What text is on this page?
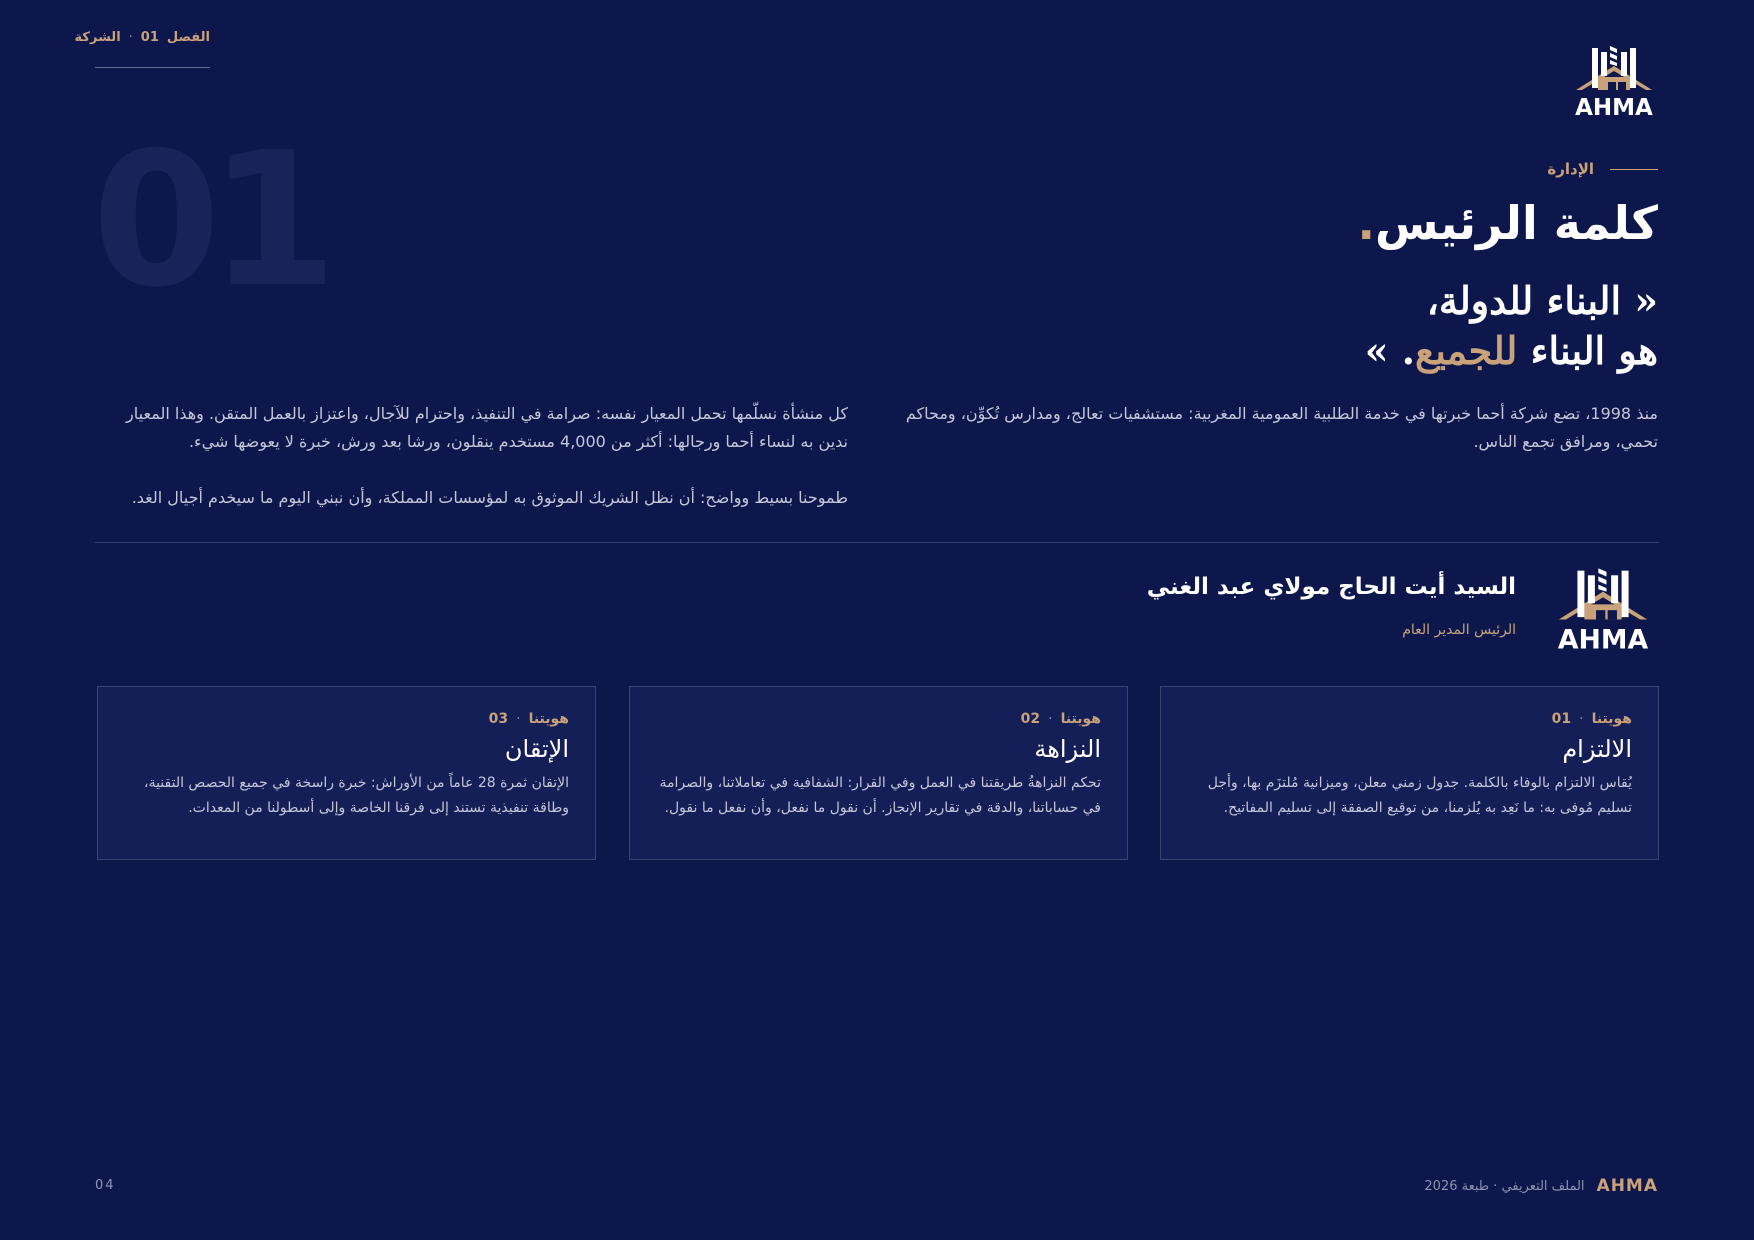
الفصل
01
·
الشركة
01
AHMA
الإدارة
كلمة الرئيس.
« البناء للدولة،
هو البناء للجميع. »

منذ 1998، تضع شركة أحما خبرتها في خدمة الطلبية العمومية المغربية: مستشفيات تعالج، ومدارس تُكوِّن، ومحاكم تحمي، ومرافق تجمع الناس.

كل منشأة نسلّمها تحمل المعيار نفسه: صرامة في التنفيذ، واحترام للآجال، واعتزاز بالعمل المتقن. وهذا المعيار ندين به لنساء أحما ورجالها: أكثر من 4,000 مستخدم ينقلون، ورشا بعد ورش، خبرة لا يعوضها شيء.

طموحنا بسيط وواضح: أن نظل الشريك الموثوق به لمؤسسات المملكة، وأن نبني اليوم ما سيخدم أجيال الغد.

AHMA
السيد أيت الحاج مولاي عبد الغني
الرئيس المدير العام
هويتنا
·
01
الالتزام
يُقاس الالتزام بالوفاء بالكلمة. جدول زمني معلن، وميزانية مُلتزَم بها، وأجل تسليم مُوفى به: ما نَعِد به يُلزمنا، من توقيع الصفقة إلى تسليم المفاتيح.
هويتنا
·
02
النزاهة
تحكم النزاهةُ طريقتنا في العمل وفي القرار: الشفافية في تعاملاتنا، والصرامة في حساباتنا، والدقة في تقارير الإنجاز. أن نقول ما نفعل، وأن نفعل ما نقول.
هويتنا
·
03
الإتقان
الإتقان ثمرة 28 عاماً من الأوراش: خبرة راسخة في جميع الحصص التقنية، وطاقة تنفيذية تستند إلى فرقنا الخاصة وإلى أسطولنا من المعدات.
04	AHMA
الملف التعريفي · طبعة 2026
